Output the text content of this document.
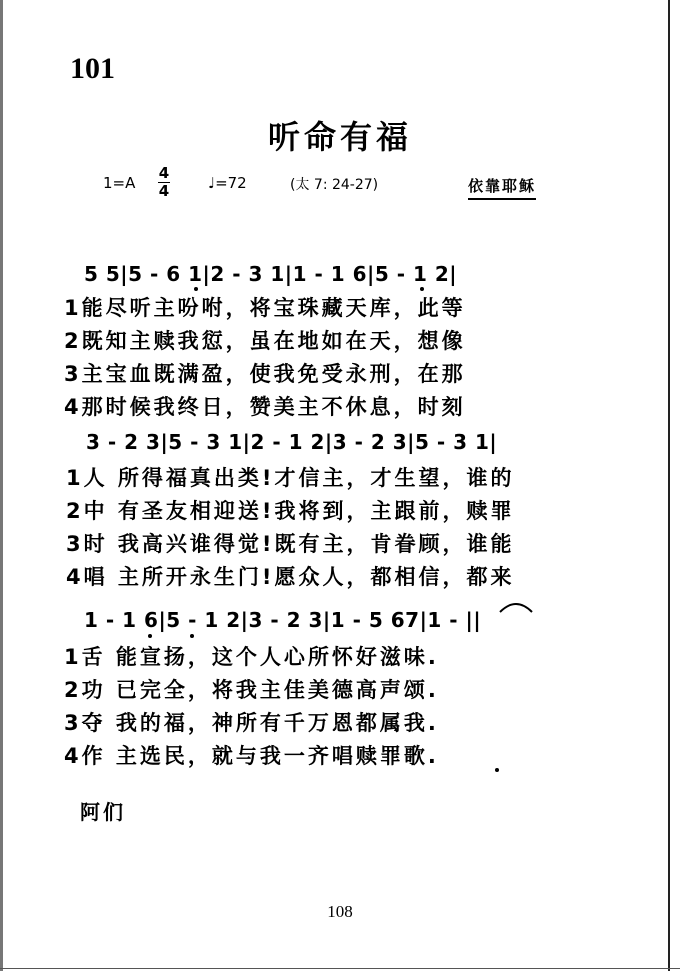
101
听命有福
1=A
4
4	♩=72	(太 7: 24-27)	依靠耶稣
5 5|5 - 6 1|2 - 3 1|1 - 1 6|5 - 1 2|
1能尽听主吩咐，将宝珠藏天库，此等
2既知主赎我愆，虽在地如在天，想像
3主宝血既满盈，使我免受永刑，在那
4那时候我终日，赞美主不休息，时刻
3 - 2 3|5 - 3 1|2 - 1 2|3 - 2 3|5 - 3 1|
1人 所得福真出类!才信主，才生望，谁的
2中 有圣友相迎送!我将到，主跟前，赎罪
3时 我高兴谁得觉!既有主，肯眷顾，谁能
4唱 主所开永生门!愿众人，都相信，都来
1 - 1 6|5 - 1 2|3 - 2 3|1 - 5 67|1 - ||
1舌 能宣扬，这个人心所怀好滋味.
2功 已完全，将我主佳美德高声颂.
3夺 我的福，神所有千万恩都属我.
4作 主选民，就与我一齐唱赎罪歌.
阿们
108
